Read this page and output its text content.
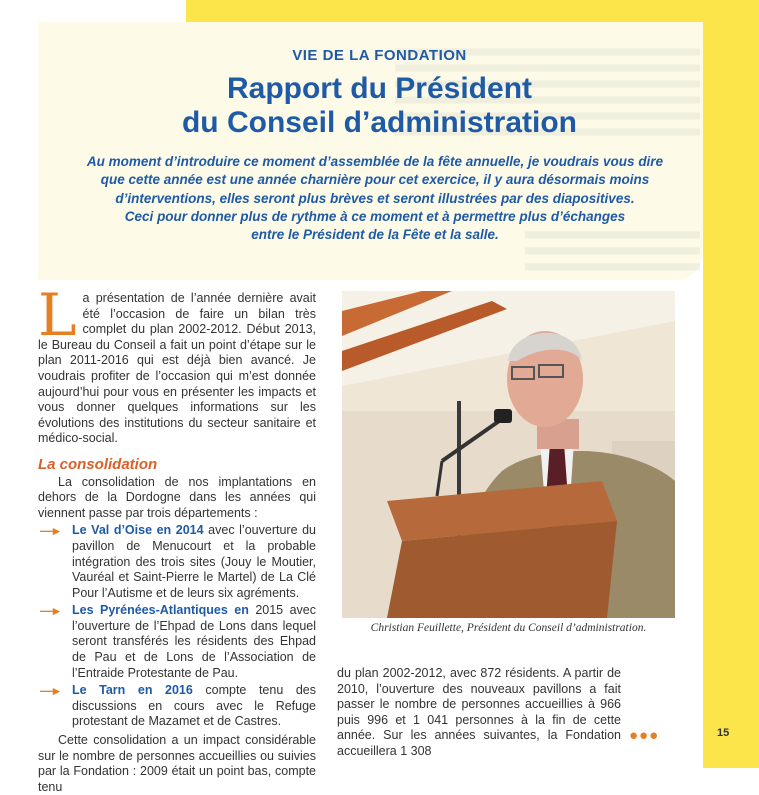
VIE DE LA FONDATION
Rapport du Président
du Conseil d’administration
Au moment d’introduire ce moment d’assemblée de la fête annuelle, je voudrais vous dire
que cette année est une année charnière pour cet exercice, il y aura désormais moins
d’interventions, elles seront plus brèves et seront illustrées par des diapositives.
Ceci pour donner plus de rythme à ce moment et à permettre plus d’échanges
entre le Président de la Fête et la salle.

La présentation de l’année dernière avait été l’occasion de faire un bilan très complet du plan 2002-2012. Début 2013, le Bureau du Conseil a fait un point d’étape sur le plan 2011-2016 qui est déjà bien avancé. Je voudrais profiter de l’occasion qui m’est donnée aujourd’hui pour vous en présenter les impacts et vous donner quelques informations sur les évolutions des institutions du secteur sanitaire et médico-social.

La consolidation

La consolidation de nos implantations en dehors de la Dordogne dans les années qui viennent passe par trois départements :

—▸ Le Val d’Oise en 2014 avec l’ouverture du pavillon de Menucourt et la probable intégration des trois sites (Jouy le Moutier, Vauréal et Saint-Pierre le Martel) de La Clé Pour l’Autisme et de leurs six agréments.
—▸ Les Pyrénées-Atlantiques en 2015 avec l’ouverture de l’Ehpad de Lons dans lequel seront transférés les résidents des Ehpad de Pau et de Lons de l’Association de l’Entraide Protestante de Pau.
—▸ Le Tarn en 2016 compte tenu des discussions en cours avec le Refuge protestant de Mazamet et de Castres.

Cette consolidation a un impact considérable sur le nombre de personnes accueillies ou suivies par la Fondation : 2009 était un point bas, compte tenu

Christian Feuillette, Président du Conseil d’administration.

du plan 2002-2012, avec 872 résidents. A partir de 2010, l’ouverture des nouveaux pavillons a fait passer le nombre de personnes accueillies à 966 puis 996 et 1 041 personnes à la fin de cette année. Sur les années suivantes, la Fondation accueillera 1 308

●●●	15
